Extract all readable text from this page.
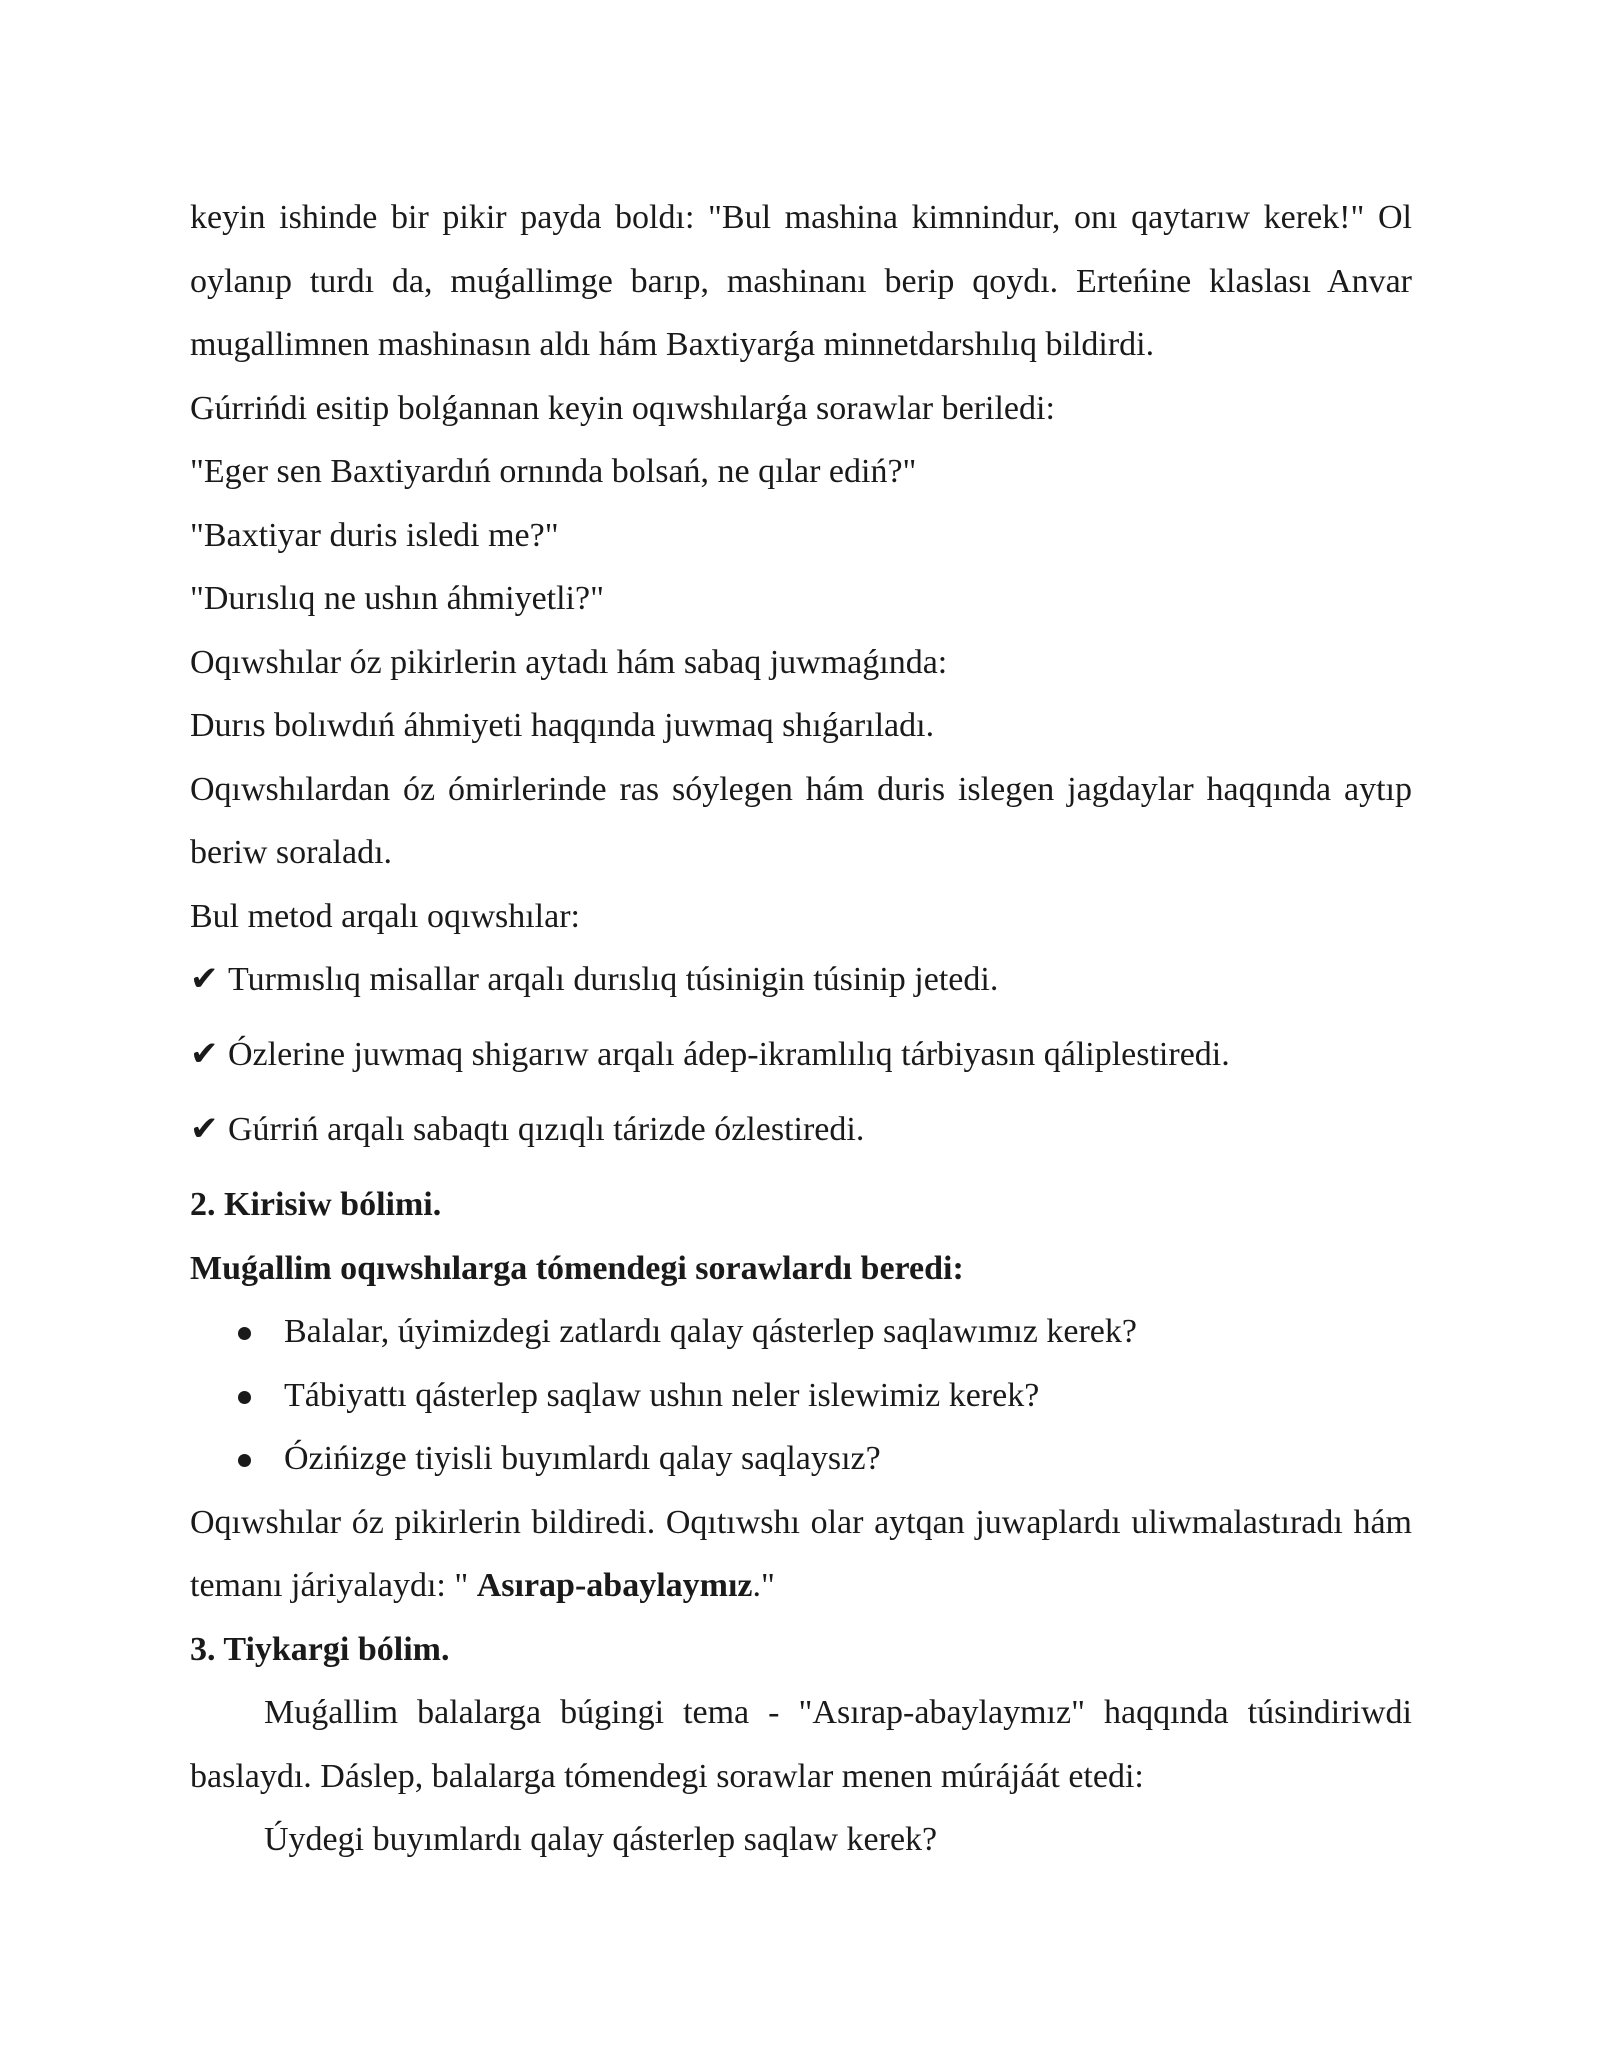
keyin ishinde bir pikir payda boldı: "Bul mashina kimnindur, onı qaytarıw kerek!" Ol oylanıp turdı da, muǵallimge barıp, mashinanı berip qoydı. Erteńine klaslası Anvar mugallimnen mashinasın aldı hám Baxtiyarǵa minnetdarshılıq bildirdi.

Gúrrińdi esitip bolǵannan keyin oqıwshılarǵa sorawlar beriledi:

"Eger sen Baxtiyardıń ornında bolsań, ne qılar ediń?"

"Baxtiyar duris isledi me?"

"Durıslıq ne ushın áhmiyetli?"

Oqıwshılar óz pikirlerin aytadı hám sabaq juwmaǵında:

Durıs bolıwdıń áhmiyeti haqqında juwmaq shıǵarıladı.

Oqıwshılardan óz ómirlerinde ras sóylegen hám duris islegen jagdaylar haqqında aytıp beriw soraladı.

Bul metod arqalı oqıwshılar:

✔ Turmıslıq misallar arqalı durıslıq túsinigin túsinip jetedi.
✔ Ózlerine juwmaq shigarıw arqalı ádep-ikramlılıq tárbiyasın qáliplestiredi.
✔ Gúrriń arqalı sabaqtı qızıqlı tárizde ózlestiredi.

2. Kirisiw bólimi.

Muǵallim oqıwshılarga tómendegi sorawlardı beredi:

Balalar, úyimizdegi zatlardı qalay qásterlep saqlawımız kerek?
Tábiyattı qásterlep saqlaw ushın neler islewimiz kerek?
Ózińizge tiyisli buyımlardı qalay saqlaysız?

Oqıwshılar óz pikirlerin bildiredi. Oqıtıwshı olar aytqan juwaplardı uliwmalastıradı hám temanı járiyalaydı: " Asırap-abaylaymız."

3. Tiykargi bólim.

Muǵallim balalarga búgingi tema - "Asırap-abaylaymız" haqqında túsindiriwdi baslaydı. Dáslep, balalarga tómendegi sorawlar menen múrájáát etedi:

Úydegi buyımlardı qalay qásterlep saqlaw kerek?
